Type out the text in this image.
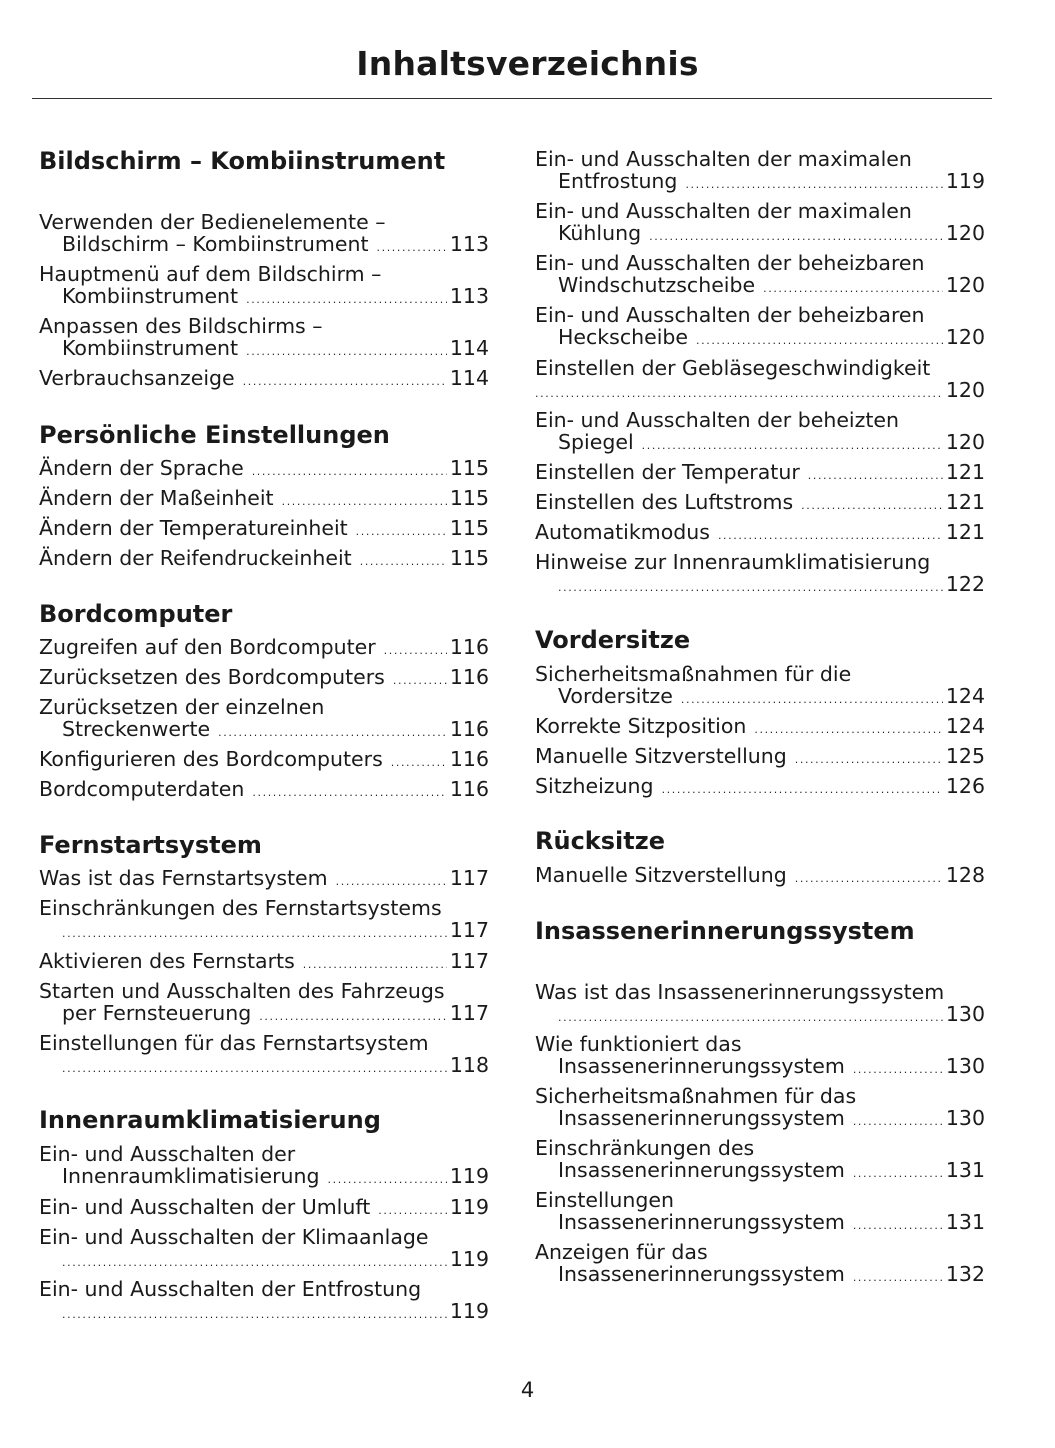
Inhaltsverzeichnis
Bildschirm – Kombiinstrument
Verwenden der Bedienelemente –
Bildschirm – Kombiinstrument .....	113
Hauptmenü auf dem Bildschirm –
Kombiinstrument .....	113
Anpassen des Bildschirms –
Kombiinstrument .....	114
Verbrauchsanzeige .....	114
Persönliche Einstellungen
Ändern der Sprache .....	115
Ändern der Maßeinheit .....	115
Ändern der Temperatureinheit .....	115
Ändern der Reifendruckeinheit .....	115
Bordcomputer
Zugreifen auf den Bordcomputer .....	116
Zurücksetzen des Bordcomputers .....	116
Zurücksetzen der einzelnen
Streckenwerte .....	116
Konfigurieren des Bordcomputers .....	116
Bordcomputerdaten .....	116
Fernstartsystem
Was ist das Fernstartsystem .....	117
Einschränkungen des Fernstartsystems
.....
117
Aktivieren des Fernstarts .....	117
Starten und Ausschalten des Fahrzeugs
per Fernsteuerung .....	117
Einstellungen für das Fernstartsystem
.....
118
Innenraumklimatisierung
Ein- und Ausschalten der
Innenraumklimatisierung .....	119
Ein- und Ausschalten der Umluft .....	119
Ein- und Ausschalten der Klimaanlage
.....
119
Ein- und Ausschalten der Entfrostung
.....
119
Ein- und Ausschalten der maximalen
Entfrostung .....	119
Ein- und Ausschalten der maximalen
Kühlung .....	120
Ein- und Ausschalten der beheizbaren
Windschutzscheibe .....	120
Ein- und Ausschalten der beheizbaren
Heckscheibe .....	120
Einstellen der Gebläsegeschwindigkeit
.....
120
Ein- und Ausschalten der beheizten
Spiegel .....	120
Einstellen der Temperatur .....	121
Einstellen des Luftstroms .....	121
Automatikmodus .....	121
Hinweise zur Innenraumklimatisierung
.....
122
Vordersitze
Sicherheitsmaßnahmen für die
Vordersitze .....	124
Korrekte Sitzposition .....	124
Manuelle Sitzverstellung .....	125
Sitzheizung .....	126
Rücksitze
Manuelle Sitzverstellung .....	128
Insassenerinnerungssystem
Was ist das Insassenerinnerungssystem
.....
130
Wie funktioniert das
Insassenerinnerungssystem .....	130
Sicherheitsmaßnahmen für das
Insassenerinnerungssystem .....	130
Einschränkungen des
Insassenerinnerungssystem .....	131
Einstellungen
Insassenerinnerungssystem .....	131
Anzeigen für das
Insassenerinnerungssystem .....	132
4
